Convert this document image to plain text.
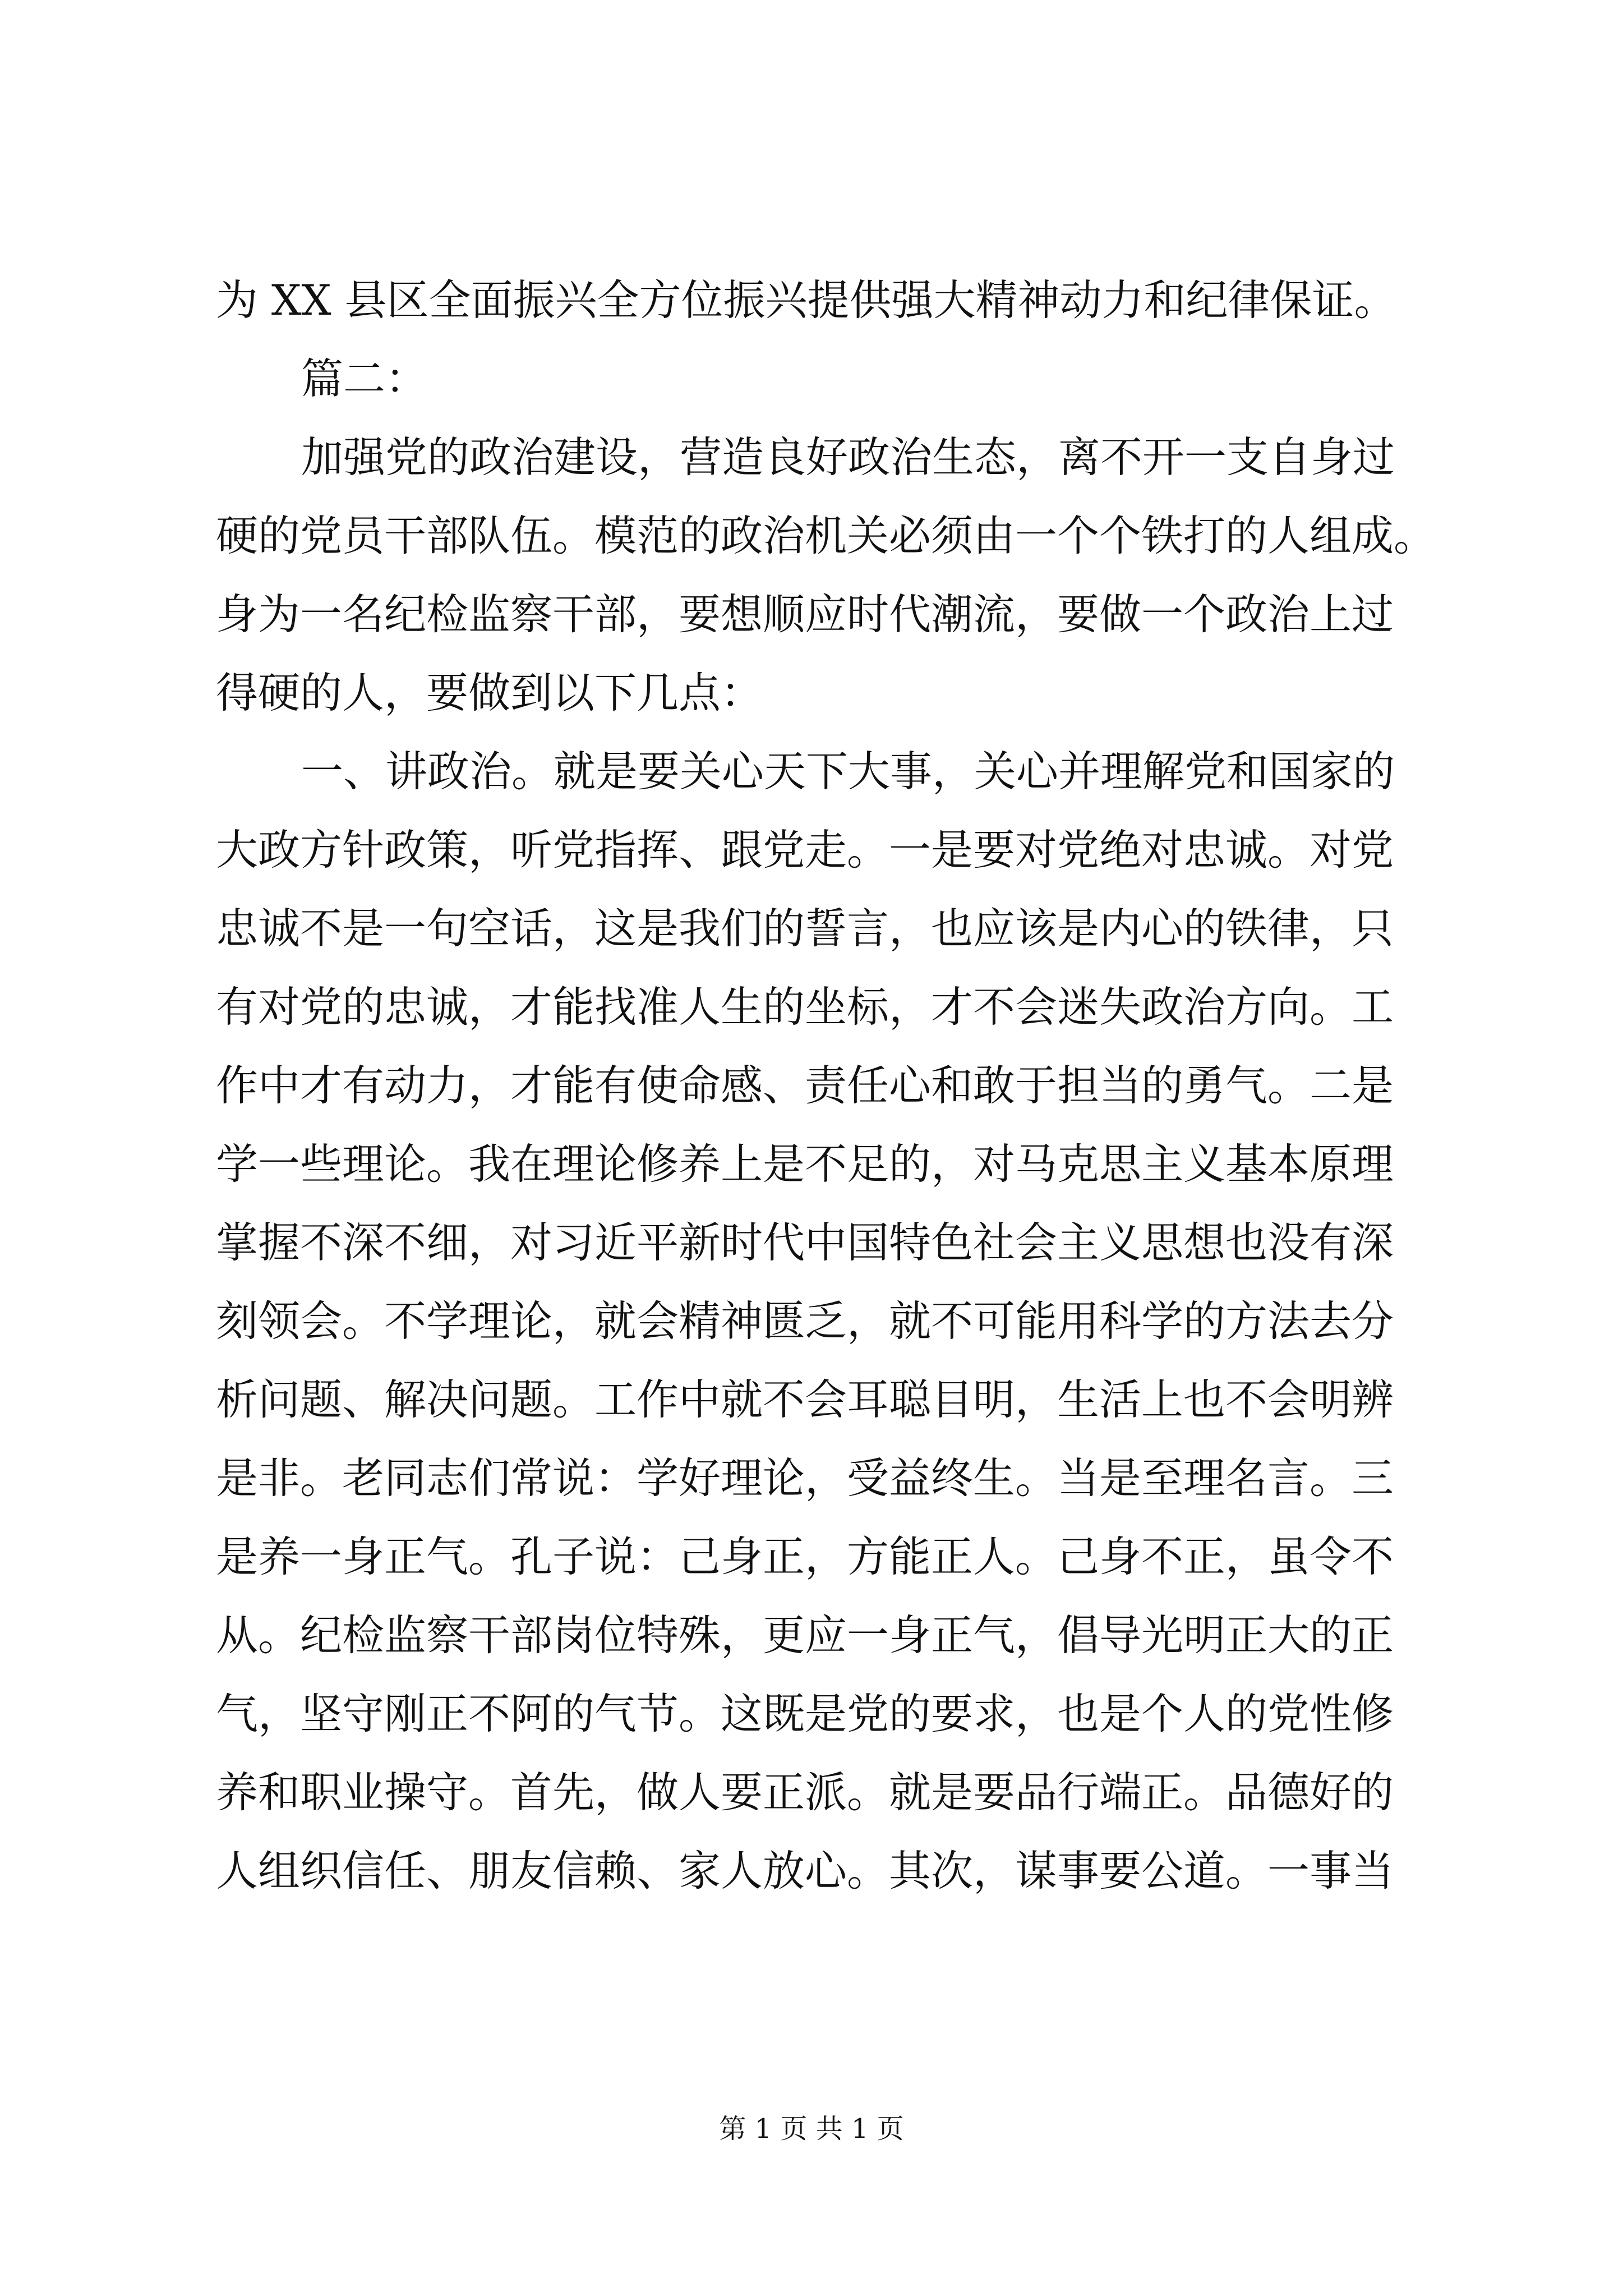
为 XX 县区全面振兴全方位振兴提供强大精神动力和纪律保证。
篇二：
加强党的政治建设，营造良好政治生态，离不开一支自身过
硬的党员干部队伍。模范的政治机关必须由一个个铁打的人组成。
身为一名纪检监察干部，要想顺应时代潮流，要做一个政治上过
得硬的人，要做到以下几点：
一、讲政治。就是要关心天下大事，关心并理解党和国家的
大政方针政策，听党指挥、跟党走。一是要对党绝对忠诚。对党
忠诚不是一句空话，这是我们的誓言，也应该是内心的铁律，只
有对党的忠诚，才能找准人生的坐标，才不会迷失政治方向。工
作中才有动力，才能有使命感、责任心和敢于担当的勇气。二是
学一些理论。我在理论修养上是不足的，对马克思主义基本原理
掌握不深不细，对习近平新时代中国特色社会主义思想也没有深
刻领会。不学理论，就会精神匮乏，就不可能用科学的方法去分
析问题、解决问题。工作中就不会耳聪目明，生活上也不会明辨
是非。老同志们常说：学好理论，受益终生。当是至理名言。三
是养一身正气。孔子说：己身正，方能正人。己身不正，虽令不
从。纪检监察干部岗位特殊，更应一身正气，倡导光明正大的正
气，坚守刚正不阿的气节。这既是党的要求，也是个人的党性修
养和职业操守。首先，做人要正派。就是要品行端正。品德好的
人组织信任、朋友信赖、家人放心。其次，谋事要公道。一事当
第 1 页 共 1 页
